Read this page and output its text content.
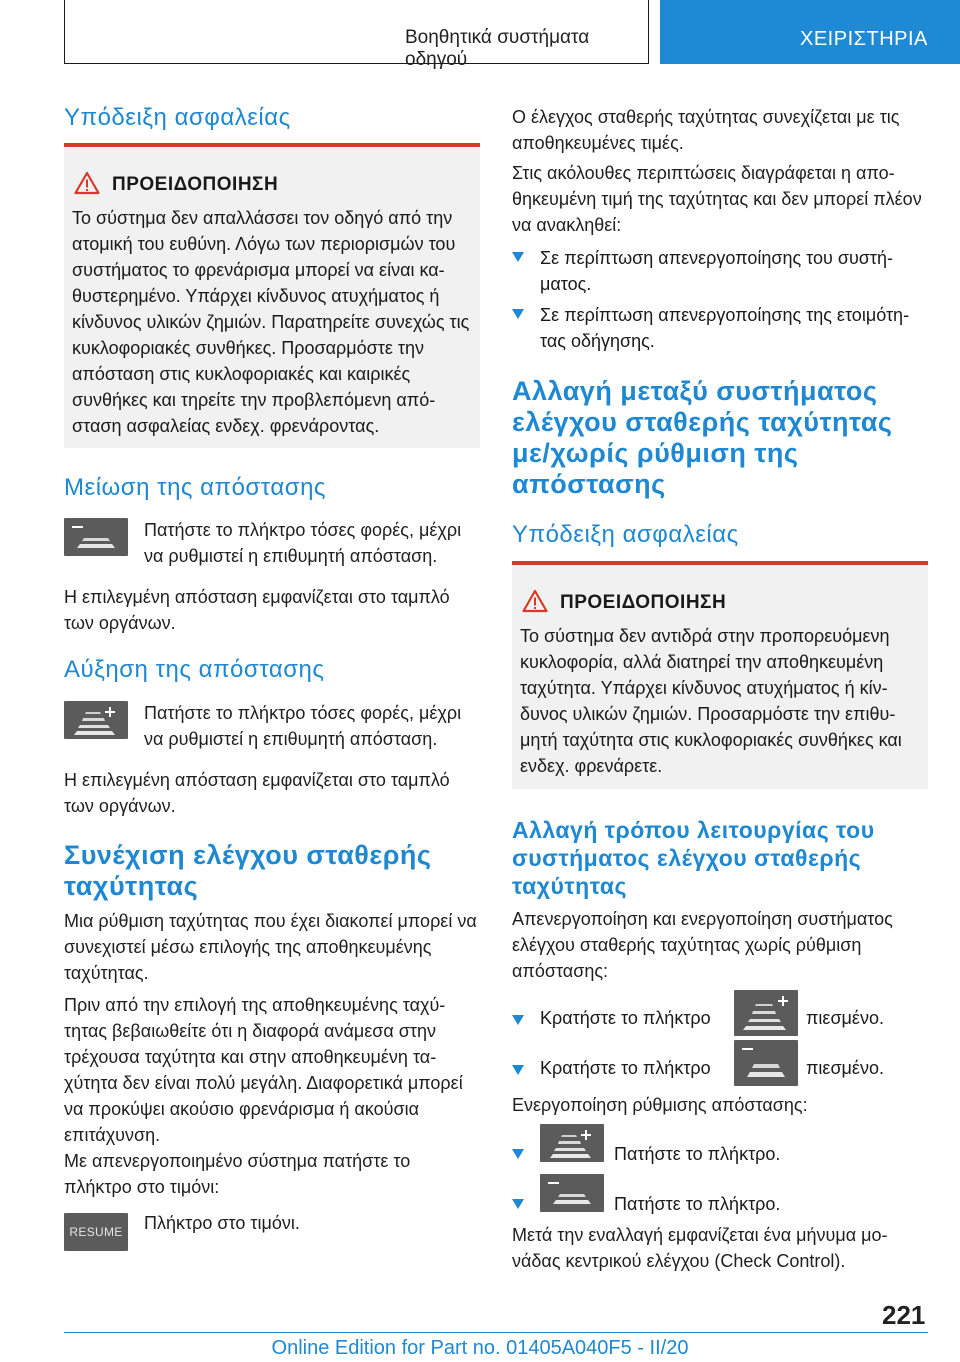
Βοηθητικά συστήματα οδηγού
ΧΕΙΡΙΣΤΗΡΙΑ
Υπόδειξη ασφαλείας
ΠΡΟΕΙΔΟΠΟΙΗΣΗ

Το σύστημα δεν απαλλάσσει τον οδηγό από την ατομική του ευθύνη. Λόγω των περιορισμών του συστήματος το φρενάρισμα μπορεί να είναι καθυστερημένο. Υπάρχει κίνδυνος ατυχήματος ή κίνδυνος υλικών ζημιών. Παρατηρείτε συνεχώς τις κυκλοφοριακές συνθήκες. Προσαρμόστε την απόσταση στις κυκλοφοριακές και καιρικές συνθήκες και τηρείτε την προβλεπόμενη απόσταση ασφαλείας ενδεχ. φρενάροντας.

Μείωση της απόστασης

Πατήστε το πλήκτρο τόσες φορές, μέχρι να ρυθμιστεί η επιθυμητή απόσταση.

Η επιλεγμένη απόσταση εμφανίζεται στο ταμπλό των οργάνων.

Αύξηση της απόστασης

Πατήστε το πλήκτρο τόσες φορές, μέχρι να ρυθμιστεί η επιθυμητή απόσταση.

Η επιλεγμένη απόσταση εμφανίζεται στο ταμπλό των οργάνων.

Συνέχιση ελέγχου σταθερής ταχύτητας

Μια ρύθμιση ταχύτητας που έχει διακοπεί μπορεί να συνεχιστεί μέσω επιλογής της αποθηκευμένης ταχύτητας.

Πριν από την επιλογή της αποθηκευμένης ταχύτητας βεβαιωθείτε ότι η διαφορά ανάμεσα στην τρέχουσα ταχύτητα και στην αποθηκευμένη ταχύτητα δεν είναι πολύ μεγάλη. Διαφορετικά μπορεί να προκύψει ακούσιο φρενάρισμα ή ακούσια επιτάχυνση.

Με απενεργοποιημένο σύστημα πατήστε το πλήκτρο στο τιμόνι:

RESUME Πλήκτρο στο τιμόνι.

Ο έλεγχος σταθερής ταχύτητας συνεχίζεται με τις αποθηκευμένες τιμές.

Στις ακόλουθες περιπτώσεις διαγράφεται η αποθηκευμένη τιμή της ταχύτητας και δεν μπορεί πλέον να ανακληθεί:

Σε περίπτωση απενεργοποίησης του συστήματος.

Σε περίπτωση απενεργοποίησης της ετοιμότητας οδήγησης.

Αλλαγή μεταξύ συστήματος ελέγχου σταθερής ταχύτητας με/χωρίς ρύθμιση της απόστασης
Υπόδειξη ασφαλείας
ΠΡΟΕΙΔΟΠΟΙΗΣΗ

Το σύστημα δεν αντιδρά στην προπορευόμενη κυκλοφορία, αλλά διατηρεί την αποθηκευμένη ταχύτητα. Υπάρχει κίνδυνος ατυχήματος ή κίνδυνος υλικών ζημιών. Προσαρμόστε την επιθυμητή ταχύτητα στις κυκλοφοριακές συνθήκες και ενδεχ. φρενάρετε.

Αλλαγή τρόπου λειτουργίας του συστήματος ελέγχου σταθερής ταχύτητας

Απενεργοποίηση και ενεργοποίηση συστήματος ελέγχου σταθερής ταχύτητας χωρίς ρύθμιση απόστασης:

Κρατήστε το πλήκτρο	πιεσμένο.
Κρατήστε το πλήκτρο	πιεσμένο.

Ενεργοποίηση ρύθμισης απόστασης:

Πατήστε το πλήκτρο.
Πατήστε το πλήκτρο.

Μετά την εναλλαγή εμφανίζεται ένα μήνυμα μονάδας κεντρικού ελέγχου (Check Control).

221
Online Edition for Part no. 01405A040F5 - II/20
